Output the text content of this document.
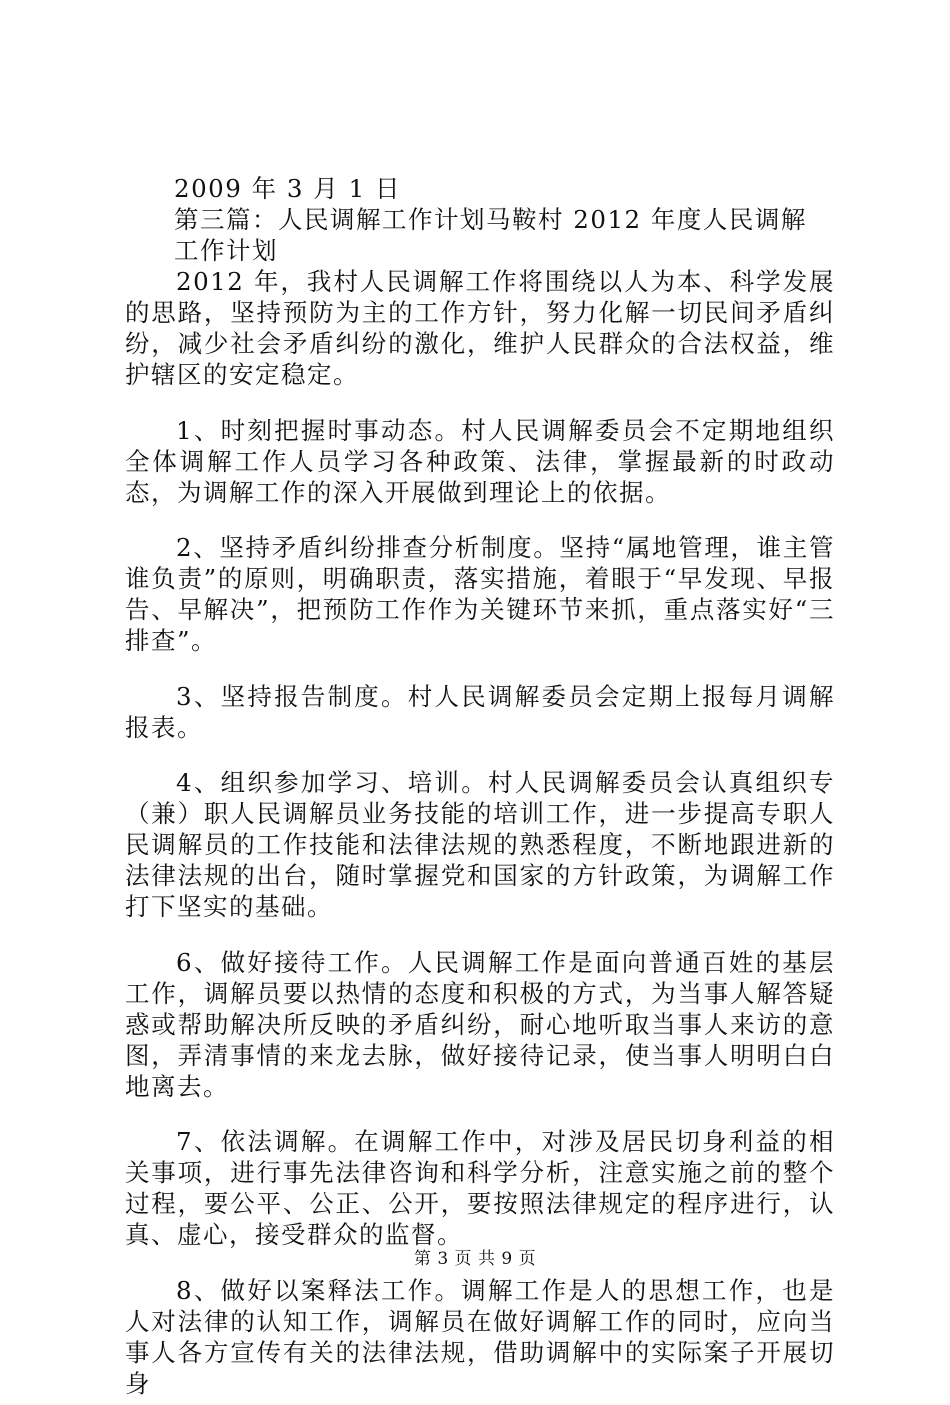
2009 年 3 月 1 日
第三篇：人民调解工作计划马鞍村 2012 年度人民调解
工作计划

2012 年，我村人民调解工作将围绕以人为本、科学发展的思路，坚持预防为主的工作方针，努力化解一切民间矛盾纠纷，减少社会矛盾纠纷的激化，维护人民群众的合法权益，维护辖区的安定稳定。

1、时刻把握时事动态。村人民调解委员会不定期地组织全体调解工作人员学习各种政策、法律，掌握最新的时政动态，为调解工作的深入开展做到理论上的依据。

2、坚持矛盾纠纷排查分析制度。坚持“属地管理，谁主管谁负责”的原则，明确职责，落实措施，着眼于“早发现、早报告、早解决”，把预防工作作为关键环节来抓，重点落实好“三排查”。

3、坚持报告制度。村人民调解委员会定期上报每月调解报表。

4、组织参加学习、培训。村人民调解委员会认真组织专（兼）职人民调解员业务技能的培训工作，进一步提高专职人民调解员的工作技能和法律法规的熟悉程度，不断地跟进新的法律法规的出台，随时掌握党和国家的方针政策，为调解工作打下坚实的基础。

6、做好接待工作。人民调解工作是面向普通百姓的基层工作，调解员要以热情的态度和积极的方式，为当事人解答疑惑或帮助解决所反映的矛盾纠纷，耐心地听取当事人来访的意图，弄清事情的来龙去脉，做好接待记录，使当事人明明白白地离去。

7、依法调解。在调解工作中，对涉及居民切身利益的相关事项，进行事先法律咨询和科学分析，注意实施之前的整个过程，要公平、公正、公开，要按照法律规定的程序进行，认真、虚心，接受群众的监督。

8、做好以案释法工作。调解工作是人的思想工作，也是人对法律的认知工作，调解员在做好调解工作的同时，应向当事人各方宣传有关的法律法规，借助调解中的实际案子开展切身

第 3 页 共 9 页
